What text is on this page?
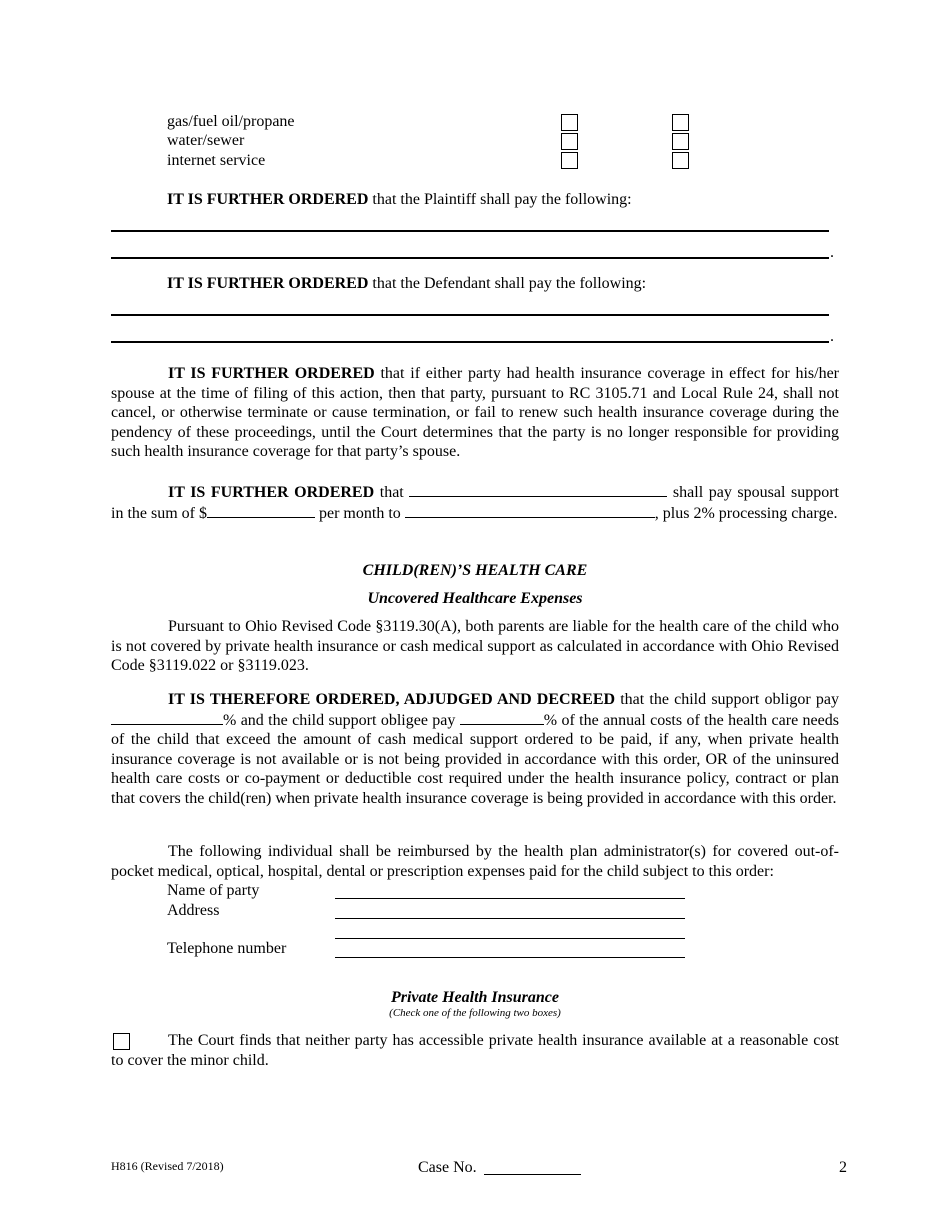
gas/fuel oil/propane
water/sewer
internet service
IT IS FURTHER ORDERED that the Plaintiff shall pay the following:
.
IT IS FURTHER ORDERED that the Defendant shall pay the following:
.
IT IS FURTHER ORDERED that if either party had health insurance coverage in effect for his/her spouse at the time of filing of this action, then that party, pursuant to RC 3105.71 and Local Rule 24, shall not cancel, or otherwise terminate or cause termination, or fail to renew such health insurance coverage during the pendency of these proceedings, until the Court determines that the party is no longer responsible for providing such health insurance coverage for that party’s spouse.
IT IS FURTHER ORDERED that	shall pay spousal support in the sum of $	per month to	, plus 2% processing charge.
CHILD(REN)’S HEALTH CARE
Uncovered Healthcare Expenses
Pursuant to Ohio Revised Code §3119.30(A), both parents are liable for the health care of the child who is not covered by private health insurance or cash medical support as calculated in accordance with Ohio Revised Code §3119.022 or §3119.023.
IT IS THEREFORE ORDERED, ADJUDGED AND DECREED that the child support obligor pay % and the child support obligee pay	% of the annual costs of the health care needs of the child that exceed the amount of cash medical support ordered to be paid, if any, when private health insurance coverage is not available or is not being provided in accordance with this order, OR of the uninsured health care costs or co-payment or deductible cost required under the health insurance policy, contract or plan that covers the child(ren) when private health insurance coverage is being provided in accordance with this order.
The following individual shall be reimbursed by the health plan administrator(s) for covered out-of-pocket medical, optical, hospital, dental or prescription expenses paid for the child subject to this order:
Name of party
Address
Telephone number
Private Health Insurance
(Check one of the following two boxes)
The Court finds that neither party has accessible private health insurance available at a reasonable cost to cover the minor child.
H816 (Revised 7/2018)	Case No.	2
